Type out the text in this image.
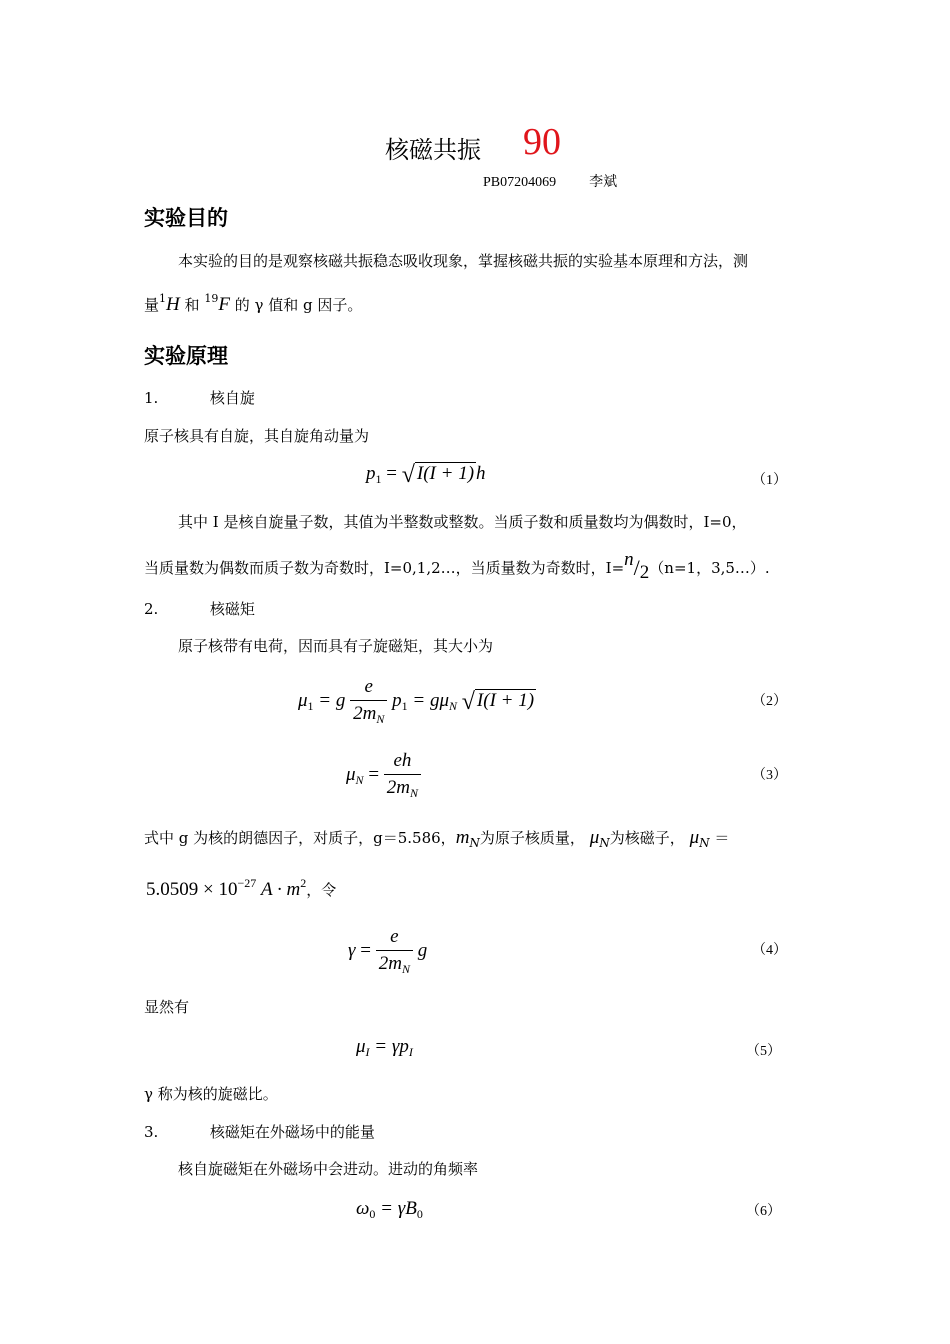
核磁共振 90
PB07204069 李斌
实验目的
本实验的目的是观察核磁共振稳态吸收现象，掌握核磁共振的实验基本原理和方法，测
量$^1$H 和 $^{19}$F 的 γ 值和 g 因子。
实验原理
1.	核自旋
原子核具有自旋，其自旋角动量为
$p_1$ = √ I(I + 1) h	（1）
其中 I 是核自旋量子数，其值为半整数或整数。当质子数和质量数均为偶数时，I=0，
当质量数为偶数而质子数为奇数时，I=0,1,2…，当质量数为奇数时，I=n/2（n=1，3,5…）.
2.	核磁矩
原子核带有电荷，因而具有子旋磁矩，其大小为
$\mu_1 = g \frac{e}{2m_N} p_1 = g\mu_N$ √ I(I + 1)	（2）
$\mu_N = \frac{eh}{2m_N}$	（3）
式中 g 为核的朗德因子，对质子，g＝5.586，$m_N$为原子核质量， $\mu_N$为核磁子， $\mu_N$ ＝
$5.0509 \times 10^{-27}$ $A \cdot m^2$，令
$\gamma = \frac{e}{2m_N}$ g	（4）
显然有
$\mu_I = \gamma p_I$	（5）
γ 称为核的旋磁比。
3.	核磁矩在外磁场中的能量
核自旋磁矩在外磁场中会进动。进动的角频率
$\omega_0 = \gamma B_0$	（6）
